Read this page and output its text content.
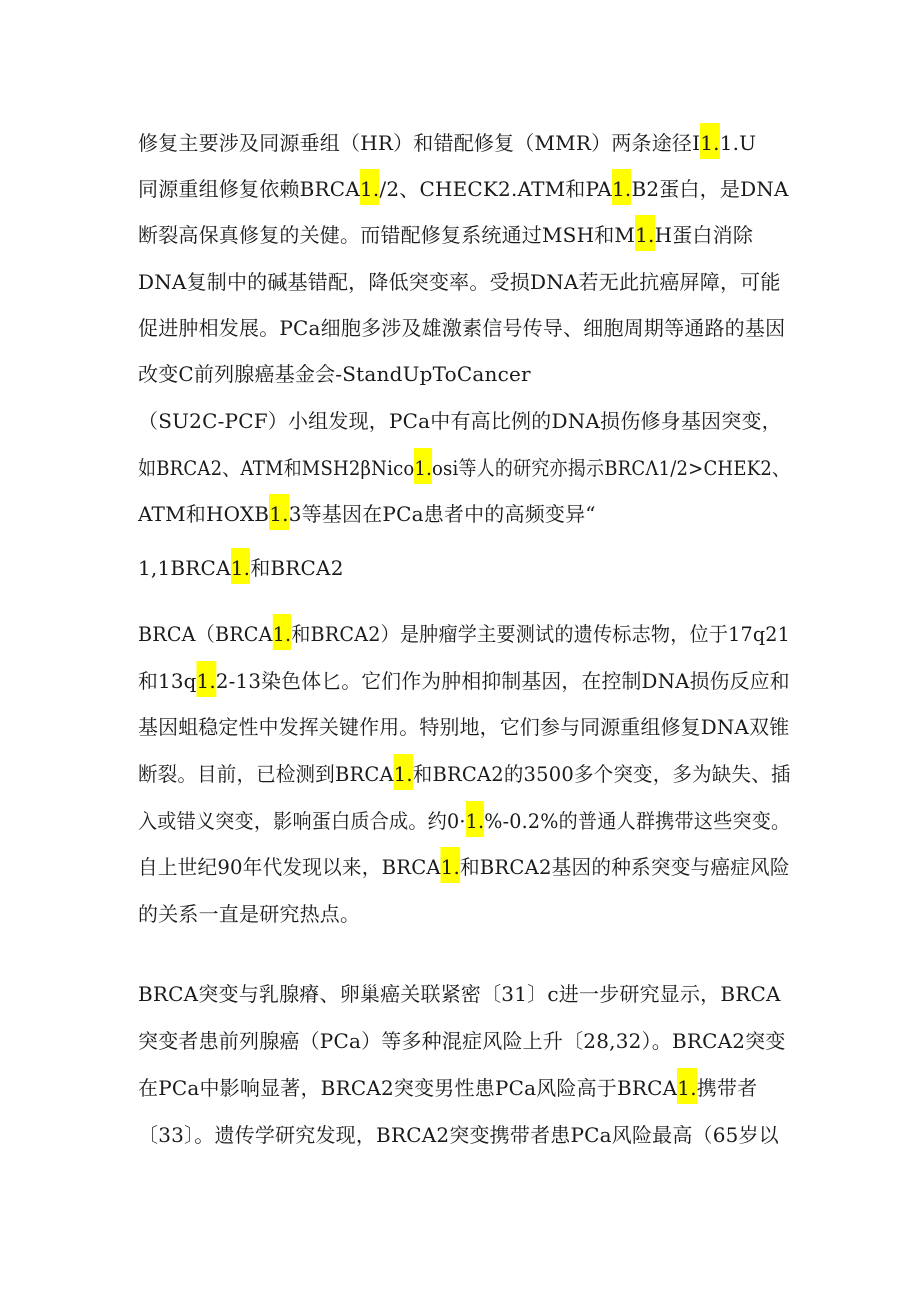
修复主要涉及同源垂组（HR）和错配修复（MMR）两条途径I1.1.U
同源重组修复依赖BRCA1./2、CHECK2.ATM和PA1.B2蛋白，是DNA
断裂高保真修复的关健。而错配修复系统通过MSH和M1.H蛋白消除
DNA复制中的碱基错配，降低突变率。受损DNA若无此抗癌屏障，可能
促进肿相发展。PCa细胞多涉及雄激素信号传导、细胞周期等通路的基因
改变C前列腺癌基金会-StandUpToCancer
（SU2C-PCF）小组发现，PCa中有高比例的DNA损伤修身基因突变，
如BRCA2、ATM和MSH2βNico1.osi等人的研究亦揭示BRCΛ1∕2>CHEK2、
ATM和HOXB1.3等基因在PCa患者中的高频变异“
1,1BRCA1.和BRCA2
BRCA（BRCA1.和BRCA2）是肿瘤学主要测试的遗传标志物，位于17q21
和13q1.2-13染色体匕。它们作为肿相抑制基因，在控制DNA损伤反应和
基因蛆稳定性中发挥关键作用。特别地，它们参与同源重组修复DNA双锥
断裂。目前，已检测到BRCA1.和BRCA2的3500多个突变，多为缺失、插
入或错义突变，影响蛋白质合成。约0·1.%-0.2%的普通人群携带这些突变。
自上世纪90年代发现以来，BRCA1.和BRCA2基因的种系突变与癌症风险
的关系一直是研究热点。
BRCA突变与乳腺瘠、卵巢癌关联紧密〔31〕c进一步研究显示，BRCA
突变者患前列腺癌（PCa）等多种混症风险上升〔28,32）。BRCA2突变
在PCa中影响显著，BRCA2突变男性患PCa风险高于BRCA1.携带者
〔33〕。遗传学研究发现，BRCA2突变携带者患PCa风险最高（65岁以
